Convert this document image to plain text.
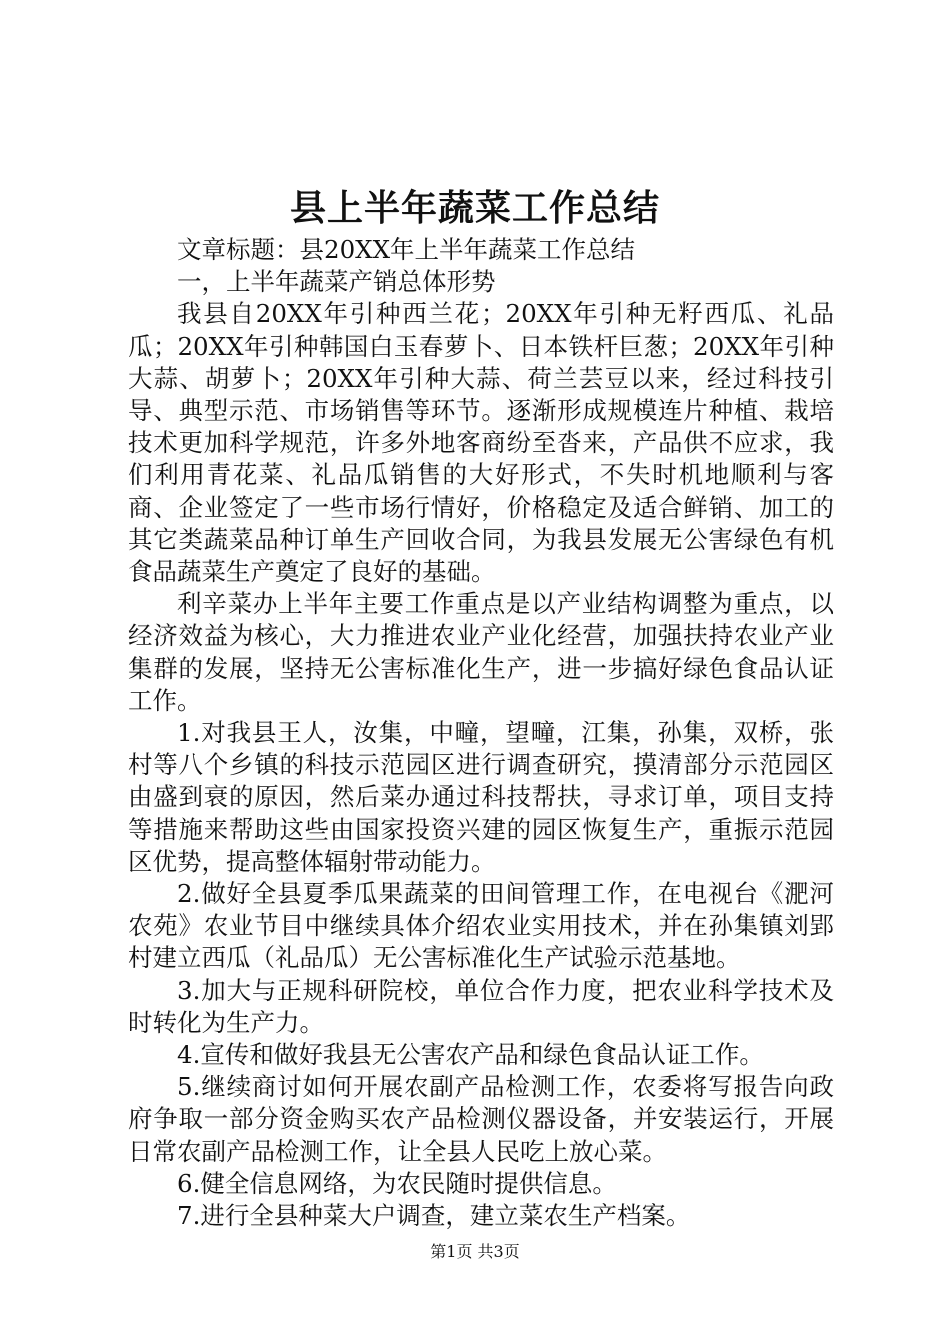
县上半年蔬菜工作总结

文章标题：县20XX年上半年蔬菜工作总结

一，上半年蔬菜产销总体形势

我县自20XX年引种西兰花；20XX年引种无籽西瓜、礼品瓜；20XX年引种韩国白玉春萝卜、日本铁杆巨葱；20XX年引种大蒜、胡萝卜；20XX年引种大蒜、荷兰芸豆以来，经过科技引导、典型示范、市场销售等环节。逐渐形成规模连片种植、栽培技术更加科学规范，许多外地客商纷至沓来，产品供不应求，我们利用青花菜、礼品瓜销售的大好形式，不失时机地顺利与客商、企业签定了一些市场行情好，价格稳定及适合鲜销、加工的其它类蔬菜品种订单生产回收合同，为我县发展无公害绿色有机食品蔬菜生产奠定了良好的基础。

利辛菜办上半年主要工作重点是以产业结构调整为重点，以经济效益为核心，大力推进农业产业化经营，加强扶持农业产业集群的发展，坚持无公害标准化生产，进一步搞好绿色食品认证工作。

1.对我县王人，汝集，中疃，望疃，江集，孙集，双桥，张村等八个乡镇的科技示范园区进行调查研究，摸清部分示范园区由盛到衰的原因，然后菜办通过科技帮扶，寻求订单，项目支持等措施来帮助这些由国家投资兴建的园区恢复生产，重振示范园区优势，提高整体辐射带动能力。

2.做好全县夏季瓜果蔬菜的田间管理工作，在电视台《淝河农苑》农业节目中继续具体介绍农业实用技术，并在孙集镇刘郢村建立西瓜（礼品瓜）无公害标准化生产试验示范基地。

3.加大与正规科研院校，单位合作力度，把农业科学技术及时转化为生产力。

4.宣传和做好我县无公害农产品和绿色食品认证工作。

5.继续商讨如何开展农副产品检测工作，农委将写报告向政府争取一部分资金购买农产品检测仪器设备，并安装运行，开展日常农副产品检测工作，让全县人民吃上放心菜。

6.健全信息网络，为农民随时提供信息。

7.进行全县种菜大户调查，建立菜农生产档案。

第1页 共3页
